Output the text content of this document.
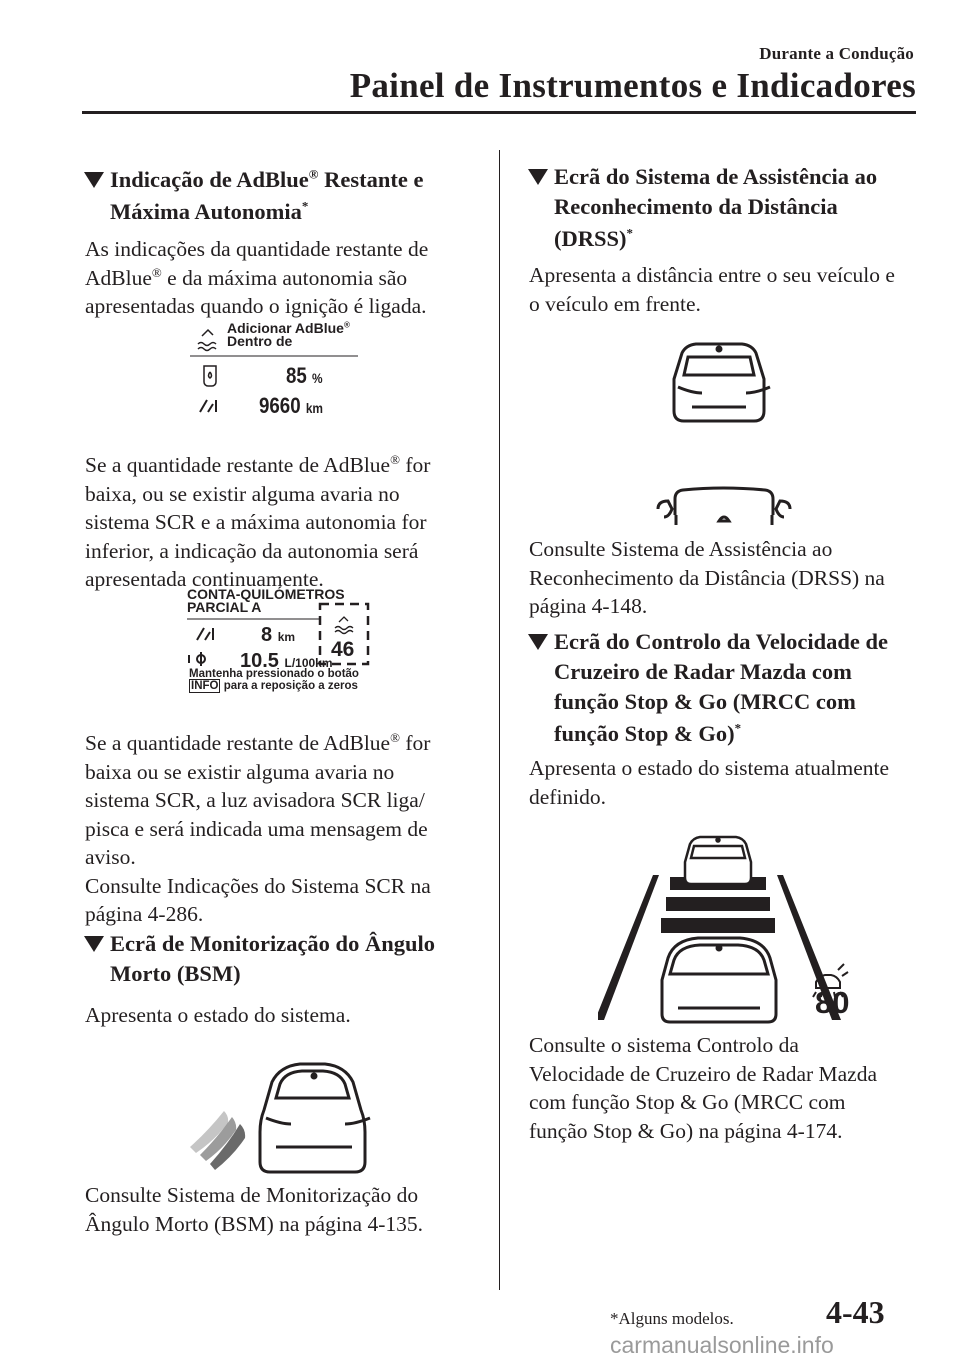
Durante a Condução
Painel de Instrumentos e Indicadores
Indicação de AdBlue® Restante e
Máxima Autonomia*
As indicações da quantidade restante de
AdBlue® e da máxima autonomia são
apresentadas quando o ignição é ligada.
Adicionar AdBlue®
Dentro de
85 %
9660 km
Se a quantidade restante de AdBlue® for
baixa, ou se existir alguma avaria no
sistema SCR e a máxima autonomia for
inferior, a indicação da autonomia será
apresentada continuamente.
CONTA-QUILÓMETROS
PARCIAL A
8 km
10.5 L/100km
46
Mantenha pressionado o botão
INFO para a reposição a zeros
Se a quantidade restante de AdBlue® for
baixa ou se existir alguma avaria no
sistema SCR, a luz avisadora SCR liga/
pisca e será indicada uma mensagem de
aviso.
Consulte Indicações do Sistema SCR na
página 4-286.
Ecrã de Monitorização do Ângulo
Morto (BSM)
Apresenta o estado do sistema.
Consulte Sistema de Monitorização do
Ângulo Morto (BSM) na página 4-135.
Ecrã do Sistema de Assistência ao
Reconhecimento da Distância
(DRSS)*
Apresenta a distância entre o seu veículo e
o veículo em frente.
Consulte Sistema de Assistência ao
Reconhecimento da Distância (DRSS) na
página 4-148.
Ecrã do Controlo da Velocidade de
Cruzeiro de Radar Mazda com
função Stop & Go (MRCC com
função Stop & Go)*
Apresenta o estado do sistema atualmente
definido.
80
Consulte o sistema Controlo da
Velocidade de Cruzeiro de Radar Mazda
com função Stop & Go (MRCC com
função Stop & Go) na página 4-174.
*Alguns modelos.	4-43
carmanualsonline.info
